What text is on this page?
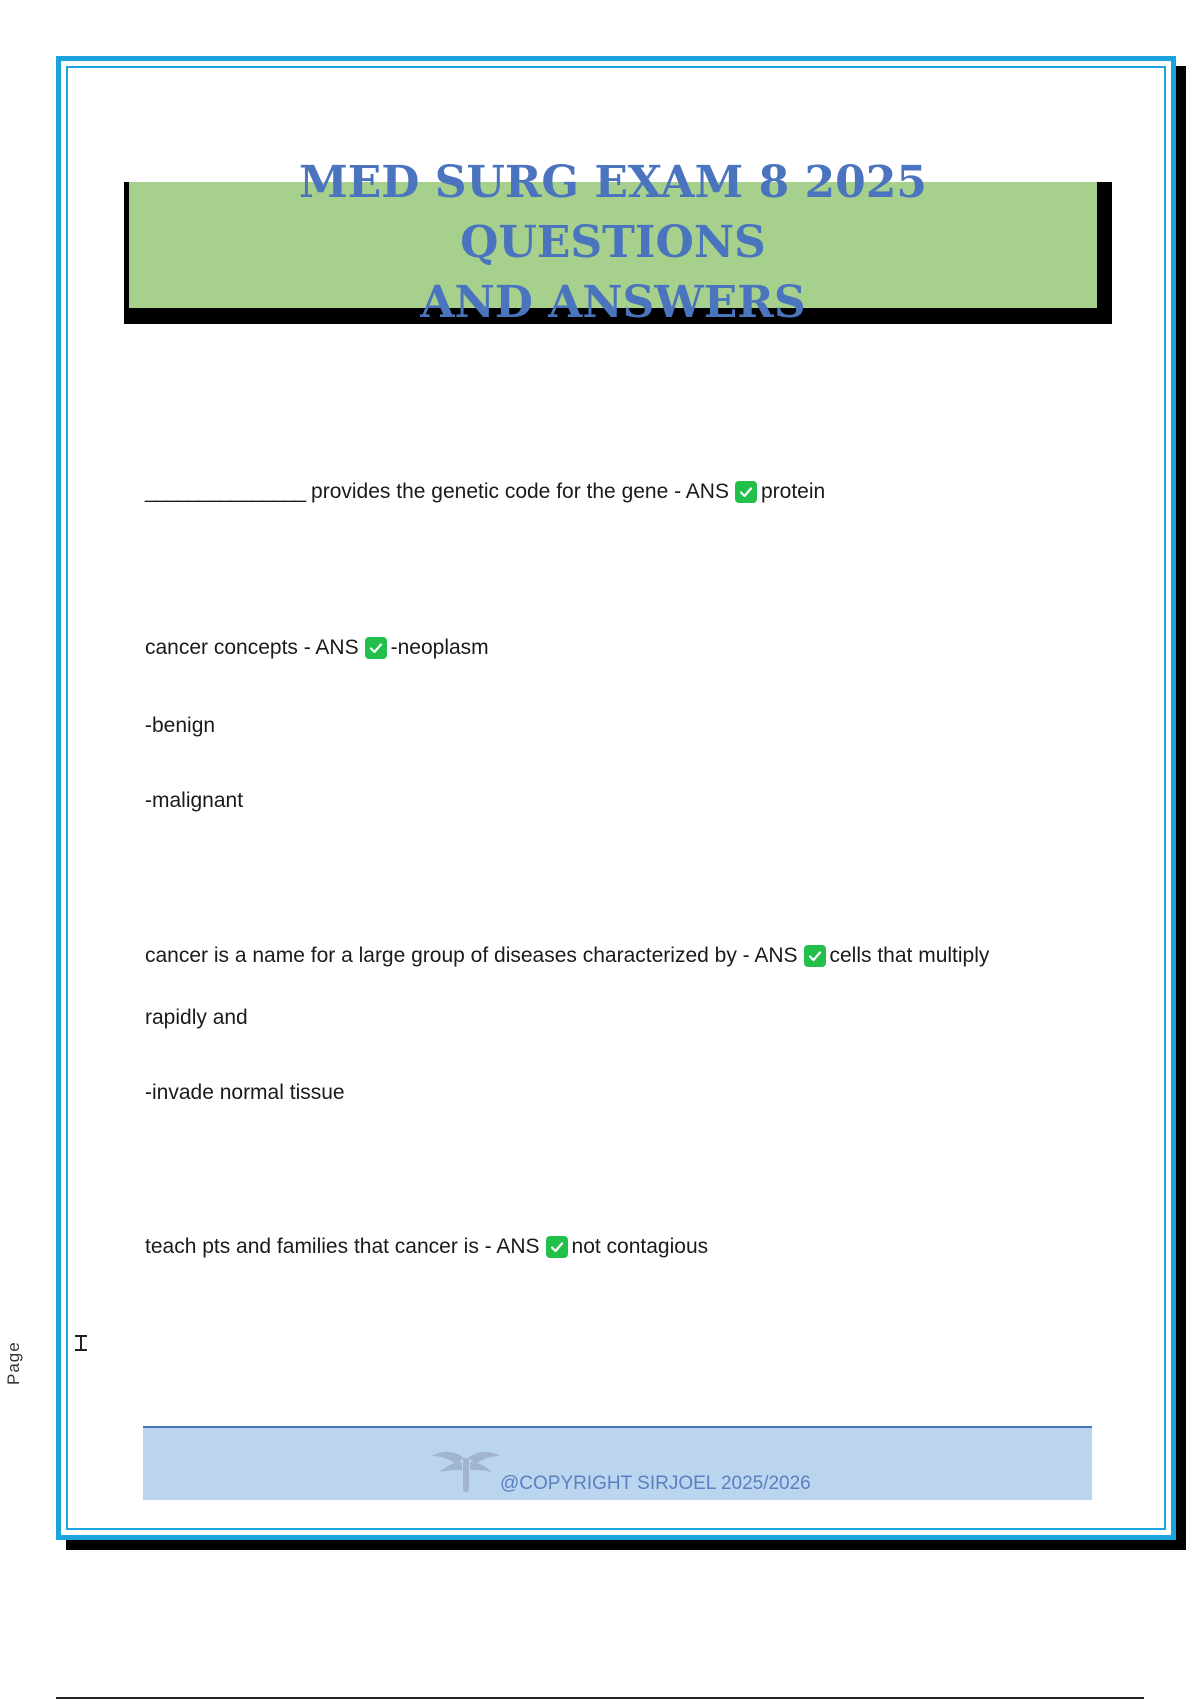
MED SURG EXAM 8 2025 QUESTIONS
AND ANSWERS
_______________ provides the genetic code for the gene - ANS protein
cancer concepts - ANS -neoplasm
-benign
-malignant
cancer is a name for a large group of diseases characterized by - ANS cells that multiply
rapidly and
-invade normal tissue
teach pts and families that cancer is - ANS not contagious
Page
@COPYRIGHT SIRJOEL 2025/2026
